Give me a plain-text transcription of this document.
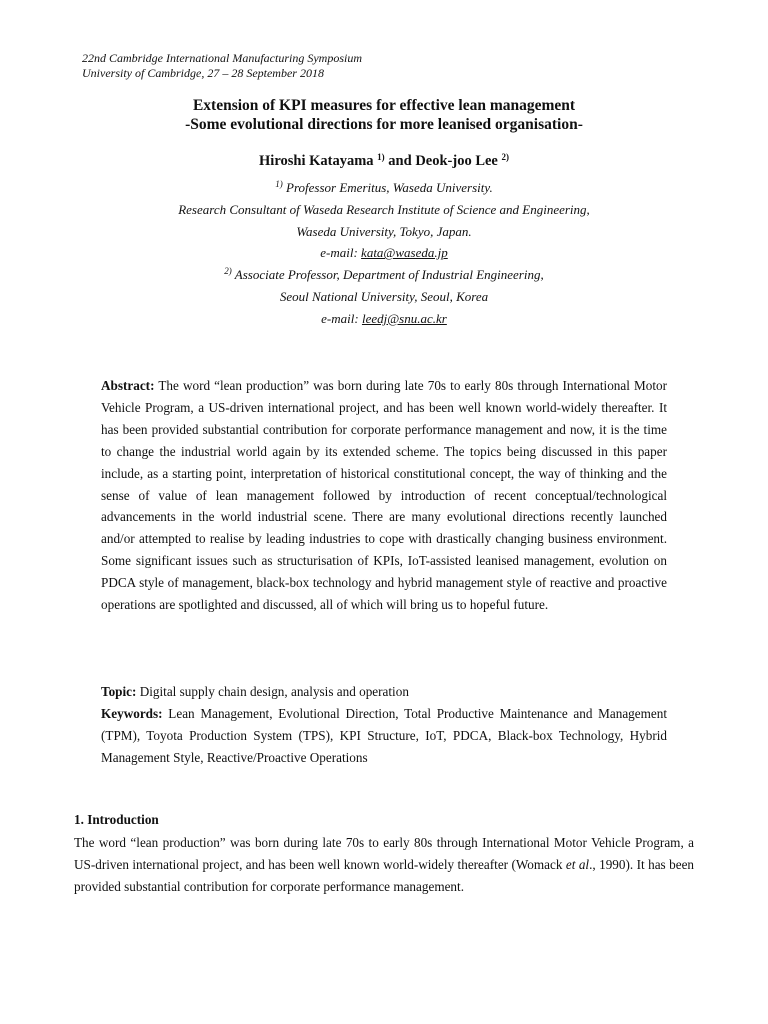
22nd Cambridge International Manufacturing Symposium
University of Cambridge, 27 – 28 September 2018
Extension of KPI measures for effective lean management
-Some evolutional directions for more leanised organisation-
Hiroshi Katayama $^{1)}$ and Deok-joo Lee $^{2)}$
$^{1)}$ Professor Emeritus, Waseda University.
Research Consultant of Waseda Research Institute of Science and Engineering,
Waseda University, Tokyo, Japan.
e-mail: kata@waseda.jp
$^{2)}$ Associate Professor, Department of Industrial Engineering,
Seoul National University, Seoul, Korea
e-mail: leedj@snu.ac.kr
Abstract: The word “lean production” was born during late 70s to early 80s through International Motor Vehicle Program, a US-driven international project, and has been well known world-widely thereafter. It has been provided substantial contribution for corporate performance management and now, it is the time to change the industrial world again by its extended scheme. The topics being discussed in this paper include, as a starting point, interpretation of historical constitutional concept, the way of thinking and the sense of value of lean management followed by introduction of recent conceptual/technological advancements in the world industrial scene. There are many evolutional directions recently launched and/or attempted to realise by leading industries to cope with drastically changing business environment. Some significant issues such as structurisation of KPIs, IoT-assisted leanised management, evolution on PDCA style of management, black-box technology and hybrid management style of reactive and proactive operations are spotlighted and discussed, all of which will bring us to hopeful future.
Topic: Digital supply chain design, analysis and operation
Keywords: Lean Management, Evolutional Direction, Total Productive Maintenance and Management (TPM), Toyota Production System (TPS), KPI Structure, IoT, PDCA, Black-box Technology, Hybrid Management Style, Reactive/Proactive Operations
1. Introduction
The word “lean production” was born during late 70s to early 80s through International Motor Vehicle Program, a US-driven international project, and has been well known world-widely thereafter (Womack et al., 1990). It has been provided substantial contribution for corporate performance management.
